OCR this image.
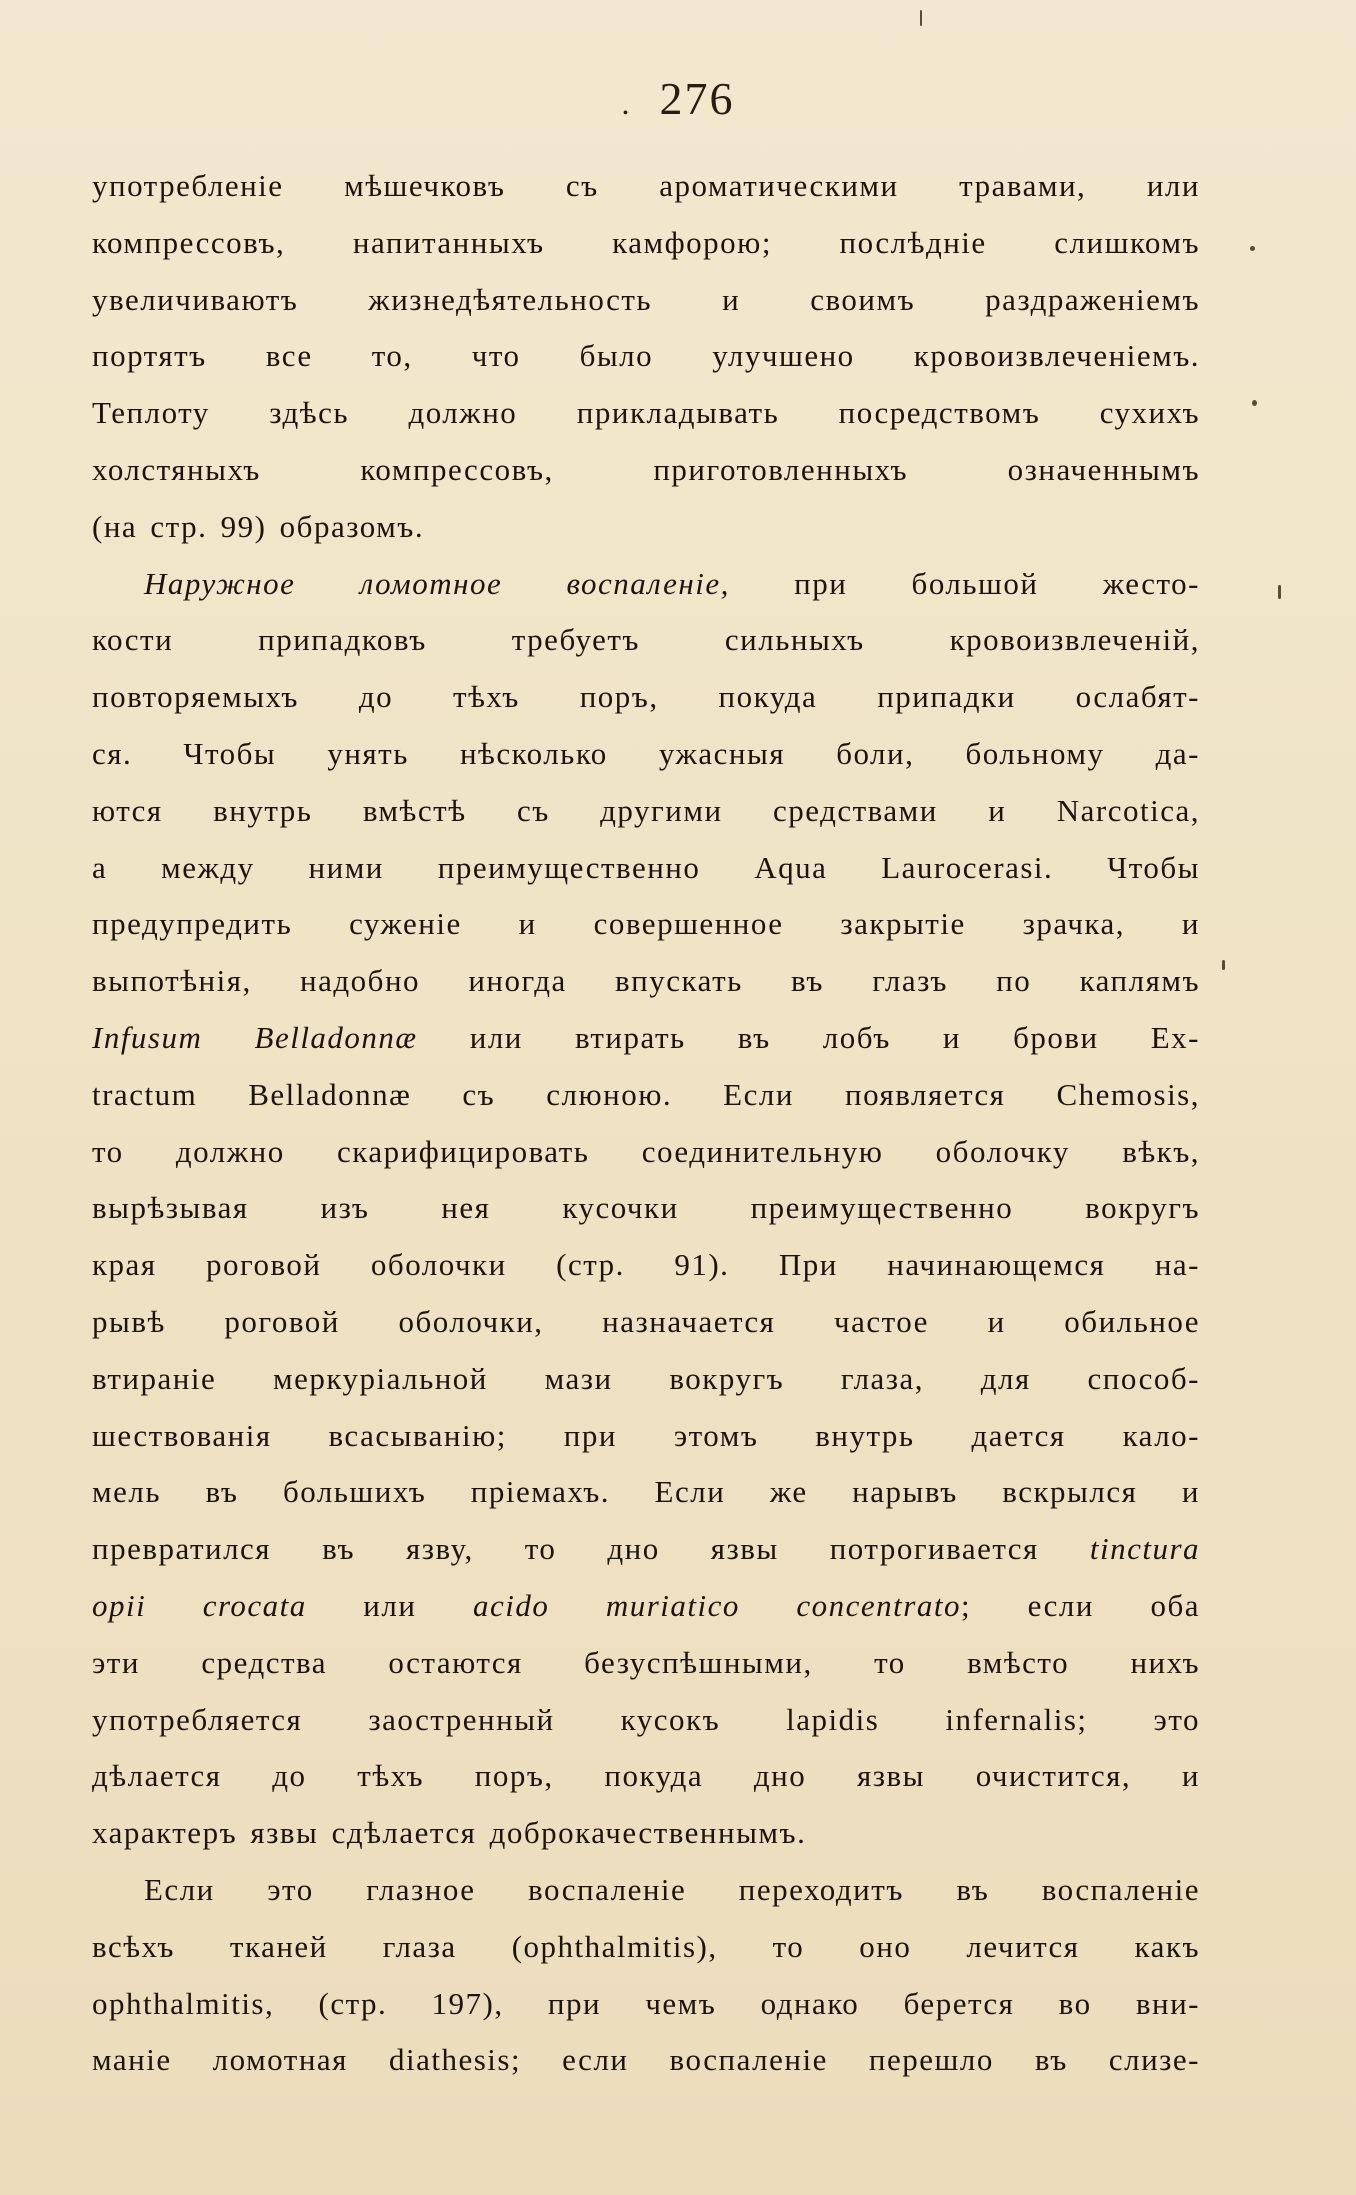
. 276
употребленіе мѣшечковъ съ ароматическими травами, или
компрессовъ, напитанныхъ камфорою; послѣдніе слишкомъ
увеличиваютъ жизнедѣятельность и своимъ раздраженіемъ
портятъ все то, что было улучшено кровоизвлеченіемъ.
Теплоту здѣсь должно прикладывать посредствомъ сухихъ
холстяныхъ компрессовъ, приготовленныхъ означеннымъ
(на стр. 99) образомъ.
Наружное ломотное воспаленіе, при большой жесто-
кости припадковъ требуетъ сильныхъ кровоизвлеченій,
повторяемыхъ до тѣхъ поръ, покуда припадки ослабят-
ся. Чтобы унять нѣсколько ужасныя боли, больному да-
ются внутрь вмѣстѣ съ другими средствами и Narcotica,
а между ними преимущественно Aqua Laurocerasi. Чтобы
предупредить суженіе и совершенное закрытіе зрачка, и
выпотѣнія, надобно иногда впускать въ глазъ по каплямъ
Infusum Belladonnæ или втирать въ лобъ и брови Ex-
tractum Belladonnæ съ слюною. Если появляется Chemosis,
то должно скарифицировать соединительную оболочку вѣкъ,
вырѣзывая изъ нея кусочки преимущественно вокругъ
края роговой оболочки (стр. 91). При начинающемся на-
рывѣ роговой оболочки, назначается частое и обильное
втираніе меркуріальной мази вокругъ глаза, для способ-
шествованія всасыванію; при этомъ внутрь дается кало-
мель въ большихъ пріемахъ. Если же нарывъ вскрылся и
превратился въ язву, то дно язвы потрогивается tinctura
opii crocata или acido muriatico concentrato; если оба
эти средства остаются безуспѣшными, то вмѣсто нихъ
употребляется заостренный кусокъ lapidis infernalis; это
дѣлается до тѣхъ поръ, покуда дно язвы очистится, и
характеръ язвы сдѣлается доброкачественнымъ.
Если это глазное воспаленіе переходитъ въ воспаленіе
всѣхъ тканей глаза (ophthalmitis), то оно лечится какъ
ophthalmitis, (стр. 197), при чемъ однако берется во вни-
маніе ломотная diathesis; если воспаленіе перешло въ слизе-
